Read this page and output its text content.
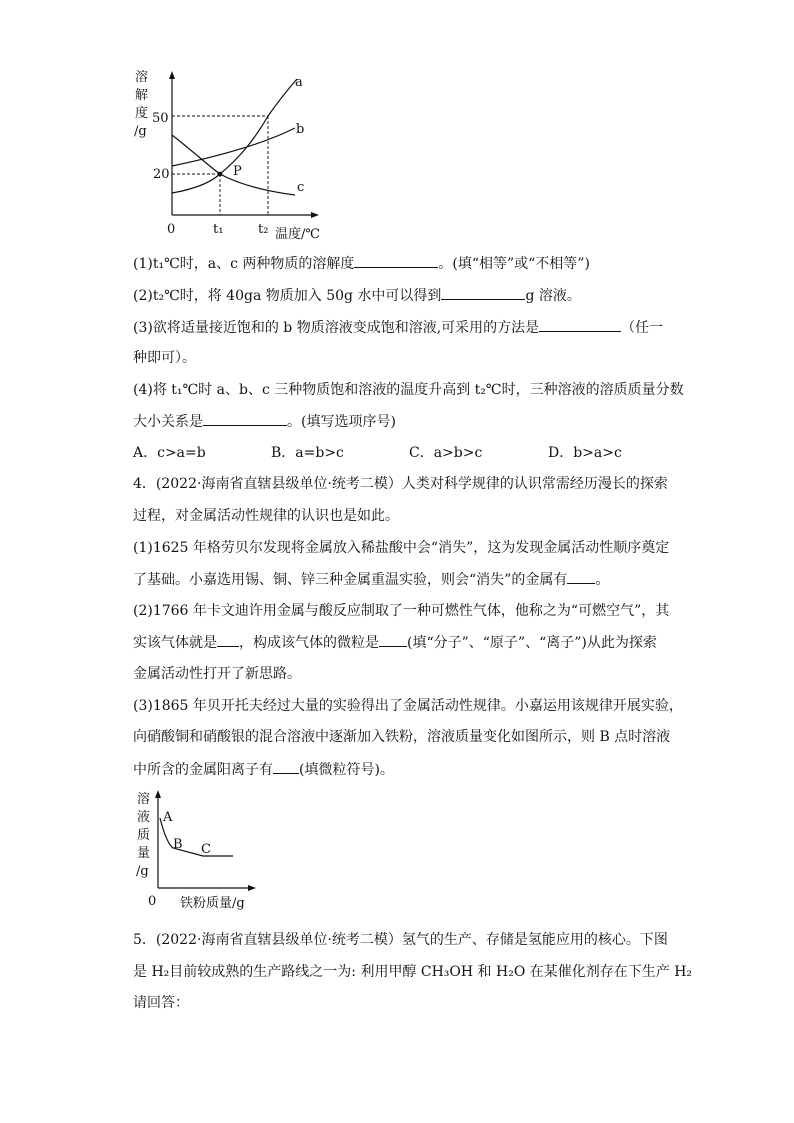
溶
解
度
/g
50
20
0	t₁	t₂ 温度/℃
P
a
b
c
(1)t₁℃时，a、c 两种物质的溶解度	。(填“相等”或“不相等”)
(2)t₂℃时，将 40ga 物质加入 50g 水中可以得到	g 溶液。
(3)欲将适量接近饱和的 b 物质溶液变成饱和溶液,可采用的方法是	（任一
种即可）。
(4)将 t₁℃时 a、b、c 三种物质饱和溶液的温度升高到 t₂℃时，三种溶液的溶质质量分数
大小关系是	。(填写选项序号)
A．c>a=b	B．a=b>c	C．a>b>c	D．b>a>c
4．(2022·海南省直辖县级单位·统考二模）人类对科学规律的认识常需经历漫长的探索
过程，对金属活动性规律的认识也是如此。
(1)1625 年格劳贝尔发现将金属放入稀盐酸中会“消失”，这为发现金属活动性顺序奠定
了基础。小嘉选用锡、铜、锌三种金属重温实验，则会“消失”的金属有 。
(2)1766 年卡文迪许用金属与酸反应制取了一种可燃性气体，他称之为“可燃空气”，其
实该气体就是 ，构成该气体的微粒是 (填“分子”、“原子”、“离子”)从此为探索
金属活动性打开了新思路。
(3)1865 年贝开托夫经过大量的实验得出了金属活动性规律。小嘉运用该规律开展实验，
向硝酸铜和硝酸银的混合溶液中逐渐加入铁粉，溶液质量变化如图所示，则 B 点时溶液
中所含的金属阳离子有 (填微粒符号)。
溶
液
质
量
/g
0 铁粉质量/g
A
B C
5．(2022·海南省直辖县级单位·统考二模）氢气的生产、存储是氢能应用的核心。下图
是 H₂目前较成熟的生产路线之一为: 利用甲醇 CH₃OH 和 H₂O 在某催化剂存在下生产 H₂
请回答：
